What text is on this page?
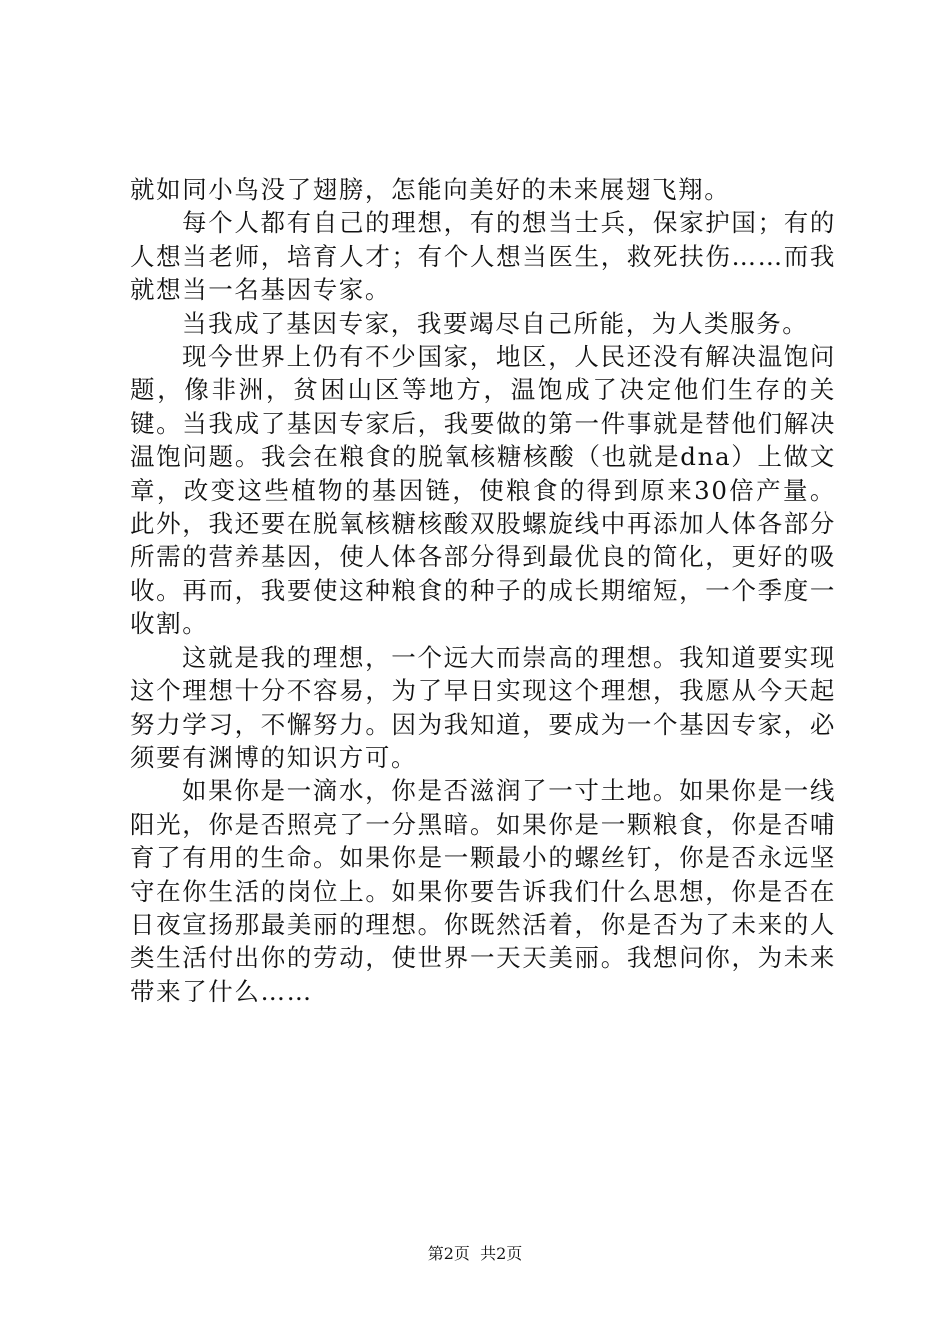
就如同小鸟没了翅膀，怎能向美好的未来展翅飞翔。

每个人都有自己的理想，有的想当士兵，保家护国；有的人想当老师，培育人才；有个人想当医生，救死扶伤……而我就想当一名基因专家。

当我成了基因专家，我要竭尽自己所能，为人类服务。

现今世界上仍有不少国家，地区，人民还没有解决温饱问题，像非洲，贫困山区等地方，温饱成了决定他们生存的关键。当我成了基因专家后，我要做的第一件事就是替他们解决温饱问题。我会在粮食的脱氧核糖核酸（也就是dna）上做文章，改变这些植物的基因链，使粮食的得到原来30倍产量。此外，我还要在脱氧核糖核酸双股螺旋线中再添加人体各部分所需的营养基因，使人体各部分得到最优良的简化，更好的吸收。再而，我要使这种粮食的种子的成长期缩短，一个季度一收割。

这就是我的理想，一个远大而崇高的理想。我知道要实现这个理想十分不容易，为了早日实现这个理想，我愿从今天起努力学习，不懈努力。因为我知道，要成为一个基因专家，必须要有渊博的知识方可。

如果你是一滴水，你是否滋润了一寸土地。如果你是一线阳光，你是否照亮了一分黑暗。如果你是一颗粮食，你是否哺育了有用的生命。如果你是一颗最小的螺丝钉，你是否永远坚守在你生活的岗位上。如果你要告诉我们什么思想，你是否在日夜宣扬那最美丽的理想。你既然活着，你是否为了未来的人类生活付出你的劳动，使世界一天天美丽。我想问你，为未来带来了什么……

第2页 共2页
